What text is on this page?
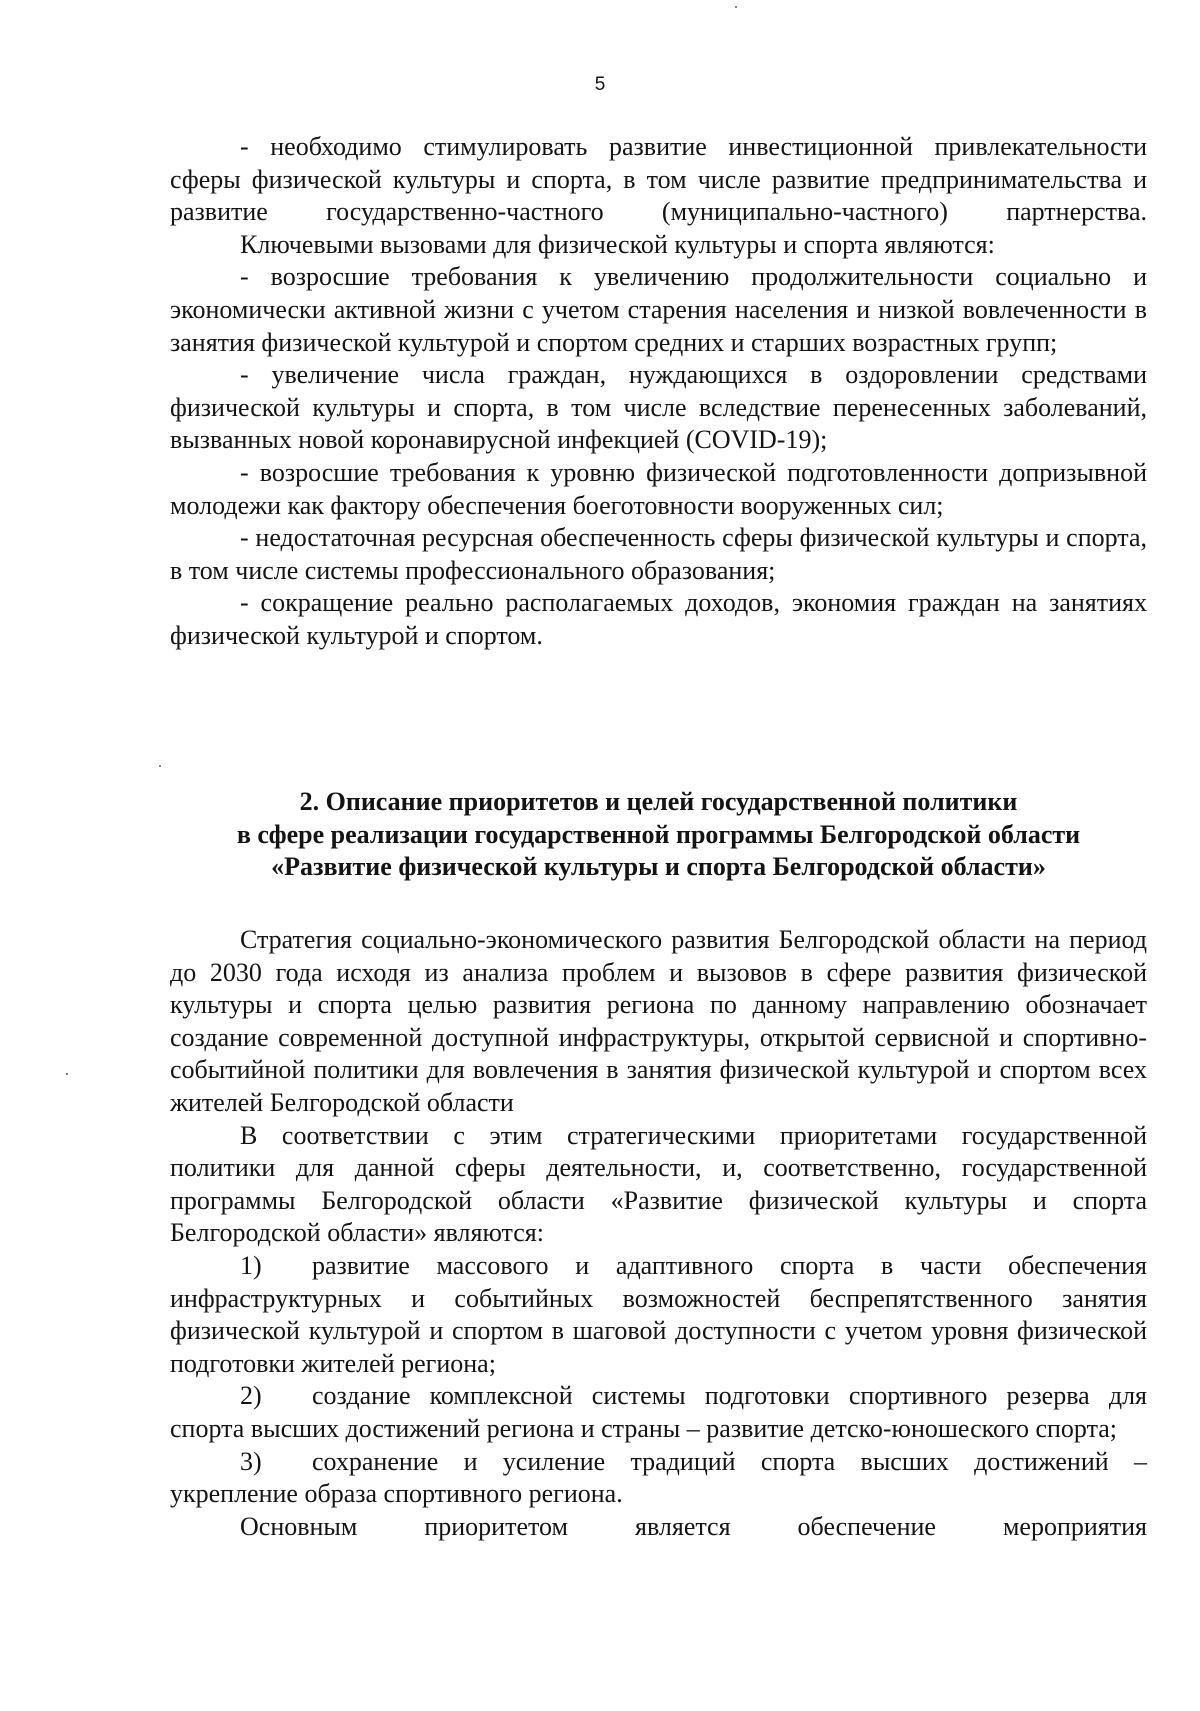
5

- необходимо стимулировать развитие инвестиционной привлекательности сферы физической культуры и спорта, в том числе развитие предпринимательства и развитие государственно-частного (муниципально-частного) партнерства.

Ключевыми вызовами для физической культуры и спорта являются:

- возросшие требования к увеличению продолжительности социально и экономически активной жизни с учетом старения населения и низкой вовлеченности в занятия физической культурой и спортом средних и старших возрастных групп;

- увеличение числа граждан, нуждающихся в оздоровлении средствами физической культуры и спорта, в том числе вследствие перенесенных заболеваний, вызванных новой коронавирусной инфекцией (COVID-19);

- возросшие требования к уровню физической подготовленности допризывной молодежи как фактору обеспечения боеготовности вооруженных сил;

- недостаточная ресурсная обеспеченность сферы физической культуры и спорта, в том числе системы профессионального образования;

- сокращение реально располагаемых доходов, экономия граждан на занятиях физической культурой и спортом.

2. Описание приоритетов и целей государственной политики
в сфере реализации государственной программы Белгородской области
«Развитие физической культуры и спорта Белгородской области»

Стратегия социально-экономического развития Белгородской области на период до 2030 года исходя из анализа проблем и вызовов в сфере развития физической культуры и спорта целью развития региона по данному направлению обозначает создание современной доступной инфраструктуры, открытой сервисной и спортивно-событийной политики для вовлечения в занятия физической культурой и спортом всех жителей Белгородской области

В соответствии с этим стратегическими приоритетами государственной политики для данной сферы деятельности, и, соответственно, государственной программы Белгородской области «Развитие физической культуры и спорта Белгородской области» являются:

1) развитие массового и адаптивного спорта в части обеспечения инфраструктурных и событийных возможностей беспрепятственного занятия физической культурой и спортом в шаговой доступности с учетом уровня физической подготовки жителей региона;

2) создание комплексной системы подготовки спортивного резерва для спорта высших достижений региона и страны – развитие детско-юношеского спорта;

3) сохранение и усиление традиций спорта высших достижений – укрепление образа спортивного региона.

Основным приоритетом является обеспечение мероприятия
